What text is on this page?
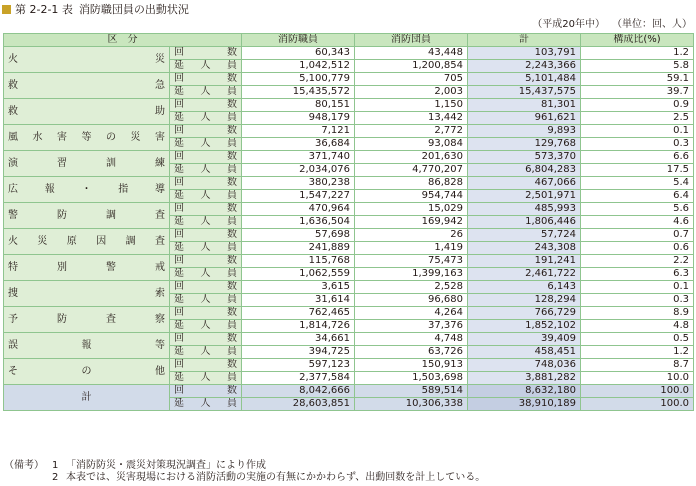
第 2-2-1 表 消防職団員の出動状況
（平成20年中） （単位：回、人）
区　分		消防職員	消防団員	計	構成比(%)
火災	回数	60,343	43,448	103,791	1.2
	延人員	1,042,512	1,200,854	2,243,366	5.8
救急	回数	5,100,779	705	5,101,484	59.1
	延人員	15,435,572	2,003	15,437,575	39.7
救助	回数	80,151	1,150	81,301	0.9
	延人員	948,179	13,442	961,621	2.5
風水害等の災害	回数	7,121	2,772	9,893	0.1
	延人員	36,684	93,084	129,768	0.3
演習訓練	回数	371,740	201,630	573,370	6.6
	延人員	2,034,076	4,770,207	6,804,283	17.5
広報・指導	回数	380,238	86,828	467,066	5.4
	延人員	1,547,227	954,744	2,501,971	6.4
警防調査	回数	470,964	15,029	485,993	5.6
	延人員	1,636,504	169,942	1,806,446	4.6
火災原因調査	回数	57,698	26	57,724	0.7
	延人員	241,889	1,419	243,308	0.6
特別警戒	回数	115,768	75,473	191,241	2.2
	延人員	1,062,559	1,399,163	2,461,722	6.3
捜索	回数	3,615	2,528	6,143	0.1
	延人員	31,614	96,680	128,294	0.3
予防査察	回数	762,465	4,264	766,729	8.9
	延人員	1,814,726	37,376	1,852,102	4.8
誤報等	回数	34,661	4,748	39,409	0.5
	延人員	394,725	63,726	458,451	1.2
その他	回数	597,123	150,913	748,036	8.7
	延人員	2,377,584	1,503,698	3,881,282	10.0
計	回数	8,042,666	589,514	8,632,180	100.0
	延人員	28,603,851	10,306,338	38,910,189	100.0
（備考） 1 「消防防災・震災対策現況調査」により作成
2 本表では、災害現場における消防活動の実施の有無にかかわらず、出動回数を計上している。
